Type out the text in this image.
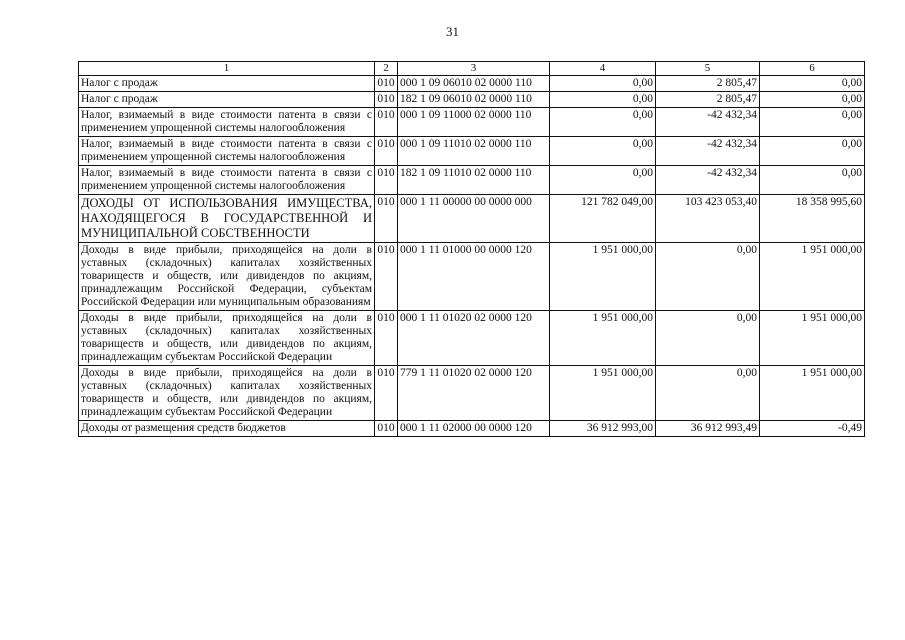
31
1	2	3	4	5	6
Налог с продаж	010	000 1 09 06010 02 0000 110	0,00	2 805,47	0,00
Налог с продаж	010	182 1 09 06010 02 0000 110	0,00	2 805,47	0,00
Налог, взимаемый в виде стоимости патента в связи с применением упрощенной системы налогообложения	010	000 1 09 11000 02 0000 110	0,00	-42 432,34	0,00
Налог, взимаемый в виде стоимости патента в связи с применением упрощенной системы налогообложения	010	000 1 09 11010 02 0000 110	0,00	-42 432,34	0,00
Налог, взимаемый в виде стоимости патента в связи с применением упрощенной системы налогообложения	010	182 1 09 11010 02 0000 110	0,00	-42 432,34	0,00
ДОХОДЫ ОТ ИСПОЛЬЗОВАНИЯ ИМУЩЕСТВА, НАХОДЯЩЕГОСЯ В ГОСУДАРСТВЕННОЙ И МУНИЦИПАЛЬНОЙ СОБСТВЕННОСТИ	010	000 1 11 00000 00 0000 000	121 782 049,00	103 423 053,40	18 358 995,60
Доходы в виде прибыли, приходящейся на доли в уставных (складочных) капиталах хозяйственных товариществ и обществ, или дивидендов по акциям, принадлежащим Российской Федерации, субъектам Российской Федерации или муниципальным образованиям	010	000 1 11 01000 00 0000 120	1 951 000,00	0,00	1 951 000,00
Доходы в виде прибыли, приходящейся на доли в уставных (складочных) капиталах хозяйственных товариществ и обществ, или дивидендов по акциям, принадлежащим субъектам Российской Федерации	010	000 1 11 01020 02 0000 120	1 951 000,00	0,00	1 951 000,00
Доходы в виде прибыли, приходящейся на доли в уставных (складочных) капиталах хозяйственных товариществ и обществ, или дивидендов по акциям, принадлежащим субъектам Российской Федерации	010	779 1 11 01020 02 0000 120	1 951 000,00	0,00	1 951 000,00
Доходы от размещения средств бюджетов	010	000 1 11 02000 00 0000 120	36 912 993,00	36 912 993,49	-0,49
